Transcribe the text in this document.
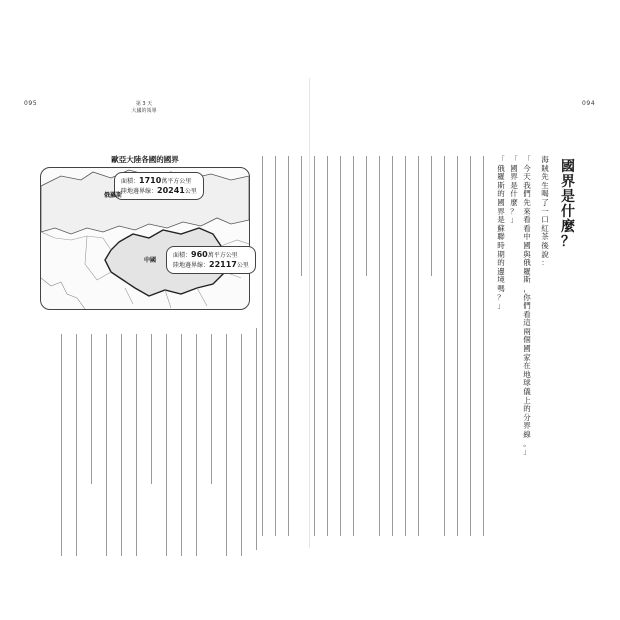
095	第 3 天
大國的領導
歐亞大陸各國的國界
面積：1710萬平方公里
陸地邊界線：20241公里
俄羅斯
面積：960萬平方公里
陸地邊界線：22117公里
中國
094
國
界
是
什
麼
？
海
賊
先
生
喝
了
一
口
紅
茶
後
說
：
「
今
天
我
們
先
來
看
看
中
國
與
俄
羅
斯
，
你
們
看
這
兩
個
國
家
在
地
球
儀
上
的
分
界
線
。
」
「
國
界
是
什
麼
？
」
「
俄
羅
斯
的
國
界
是
蘇
聯
時
期
的
邊
境
嗎
？
」
